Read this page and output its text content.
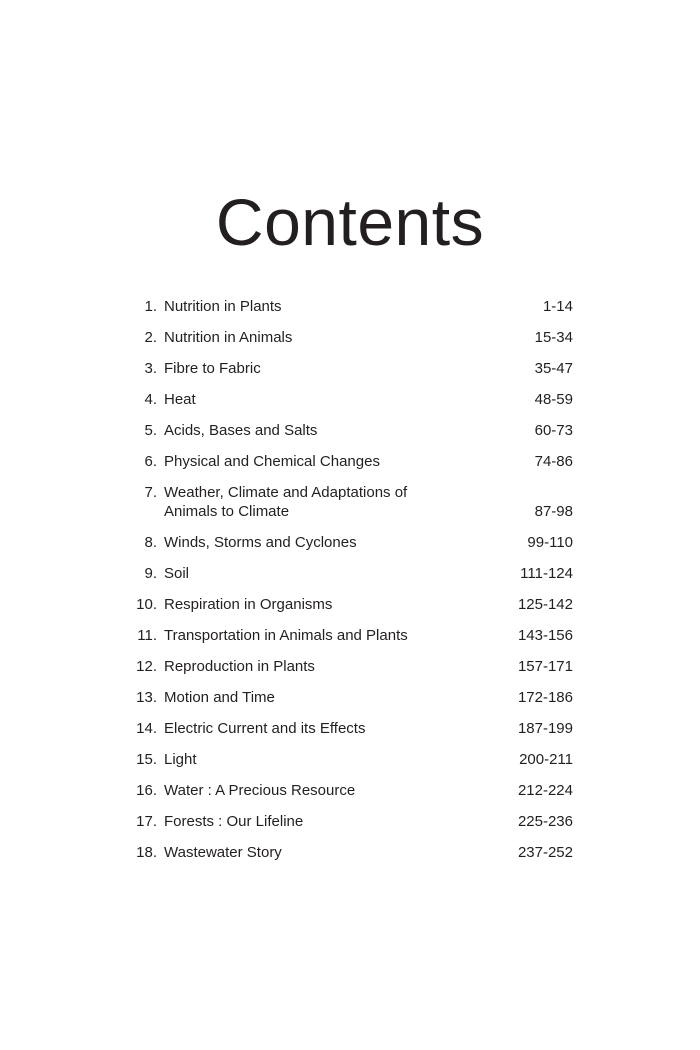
Contents
1. Nutrition in Plants	1-14
2. Nutrition in Animals	15-34
3. Fibre to Fabric	35-47
4. Heat	48-59
5. Acids, Bases and Salts	60-73
6. Physical and Chemical Changes	74-86
7. Weather, Climate and Adaptations of Animals to Climate	87-98
8. Winds, Storms and Cyclones	99-110
9. Soil	111-124
10. Respiration in Organisms	125-142
11. Transportation in Animals and Plants	143-156
12. Reproduction in Plants	157-171
13. Motion and Time	172-186
14. Electric Current and its Effects	187-199
15. Light	200-211
16. Water : A Precious Resource	212-224
17. Forests : Our Lifeline	225-236
18. Wastewater Story	237-252
